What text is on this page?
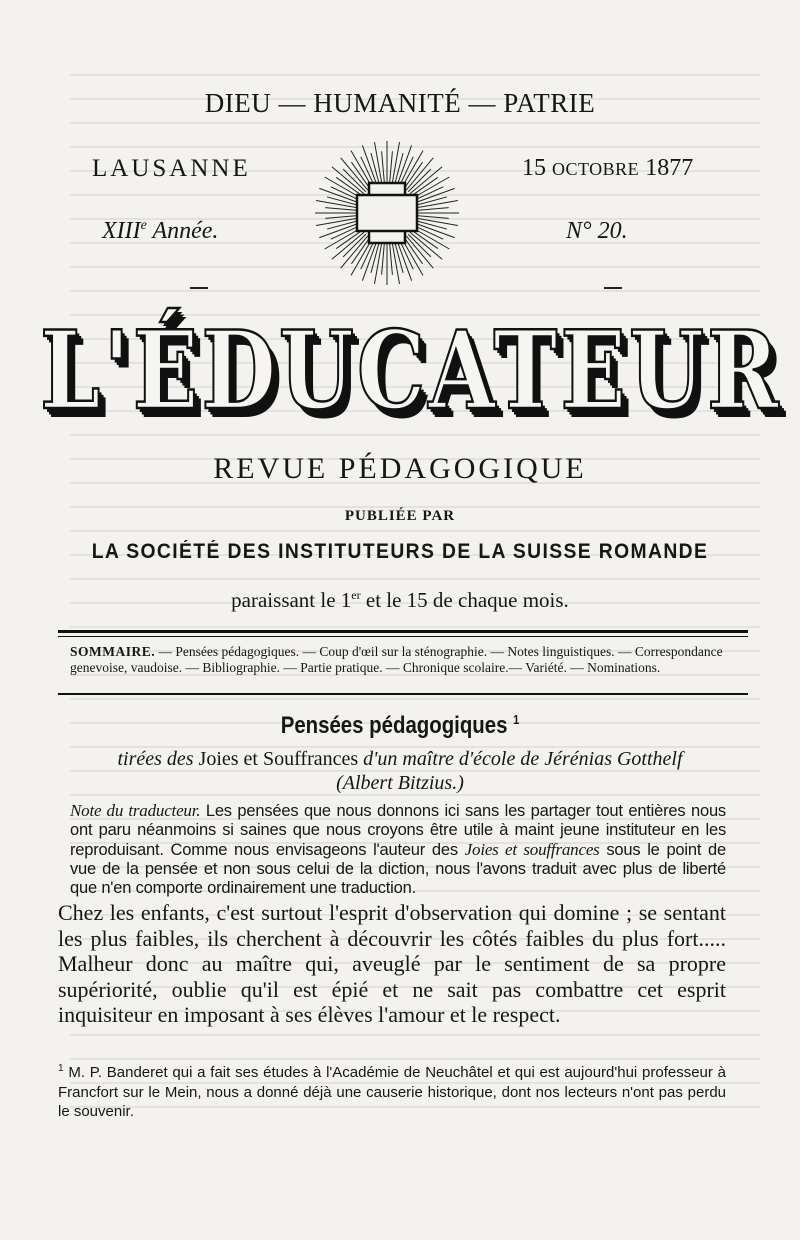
DIEU — HUMANITÉ — PATRIE
LAUSANNE	15 OCTOBRE 1877
XIIIe Année.	N° 20.
L'ÉDUCATEUR
REVUE PÉDAGOGIQUE
PUBLIÉE PAR
LA SOCIÉTÉ DES INSTITUTEURS DE LA SUISSE ROMANDE
paraissant le 1er et le 15 de chaque mois.
SOMMAIRE. — Pensées pédagogiques. — Coup d'œil sur la sténographie. — Notes linguistiques. — Correspondance genevoise, vaudoise. — Bibliographie. — Partie pratique. — Chronique scolaire.— Variété. — Nominations.
Pensées pédagogiques $^1$
tirées des Joies et Souffrances d'un maître d'école de Jérénias Gotthelf
(Albert Bitzius.)
Note du traducteur. Les pensées que nous donnons ici sans les partager tout entières nous ont paru néanmoins si saines que nous croyons être utile à maint jeune instituteur en les reproduisant. Comme nous envisageons l'auteur des Joies et souffrances sous le point de vue de la pensée et non sous celui de la diction, nous l'avons traduit avec plus de liberté que n'en comporte ordinairement une traduction.
Chez les enfants, c'est surtout l'esprit d'observation qui domine ; se sentant les plus faibles, ils cherchent à découvrir les côtés faibles du plus fort..... Malheur donc au maître qui, aveuglé par le sentiment de sa propre supériorité, oublie qu'il est épié et ne sait pas combattre cet esprit inquisiteur en imposant à ses élèves l'amour et le respect.
$^1$ M. P. Banderet qui a fait ses études à l'Académie de Neuchâtel et qui est aujourd'hui professeur à Francfort sur le Mein, nous a donné déjà une causerie historique, dont nos lecteurs n'ont pas perdu le souvenir.
